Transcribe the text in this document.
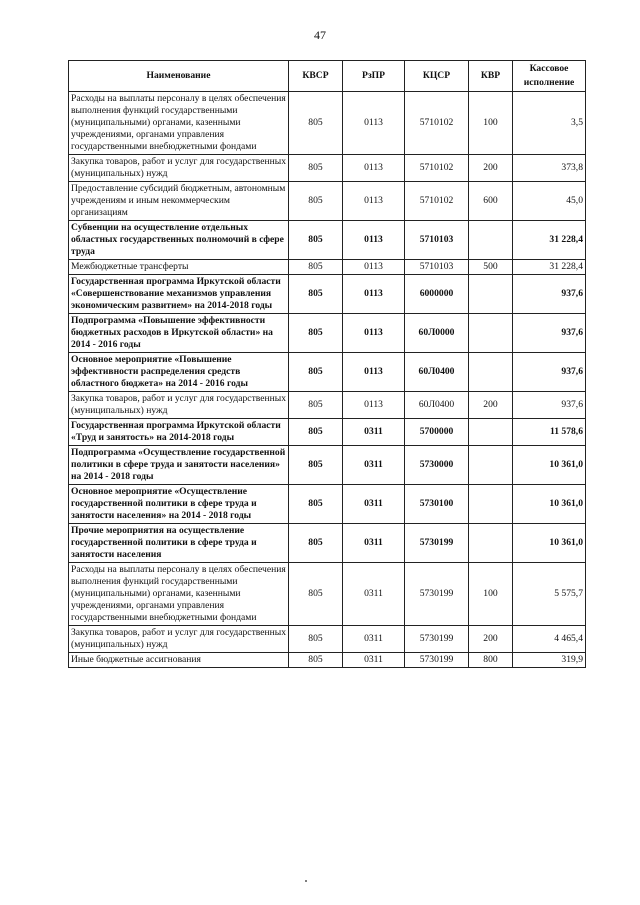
47
Наименование	КВСР	РзПР	КЦСР	КВР	Кассовое исполнение
Расходы на выплаты персоналу в целях обеспечения выполнения функций государственными (муниципальными) органами, казенными учреждениями, органами управления государственными внебюджетными фондами	805	0113	5710102	100	3,5
Закупка товаров, работ и услуг для государственных (муниципальных) нужд	805	0113	5710102	200	373,8
Предоставление субсидий бюджетным, автономным учреждениям и иным некоммерческим организациям	805	0113	5710102	600	45,0
Субвенции на осуществление отдельных областных государственных полномочий в сфере труда	805	0113	5710103		31 228,4
Межбюджетные трансферты	805	0113	5710103	500	31 228,4
Государственная программа Иркутской области «Совершенствование механизмов управления экономическим развитием» на 2014-2018 годы	805	0113	6000000		937,6
Подпрограмма «Повышение эффективности бюджетных расходов в Иркутской области» на 2014 - 2016 годы	805	0113	60Л0000		937,6
Основное мероприятие «Повышение эффективности распределения средств областного бюджета» на 2014 - 2016 годы	805	0113	60Л0400		937,6
Закупка товаров, работ и услуг для государственных (муниципальных) нужд	805	0113	60Л0400	200	937,6
Государственная программа Иркутской области «Труд и занятость» на 2014-2018 годы	805	0311	5700000		11 578,6
Подпрограмма «Осуществление государственной политики в сфере труда и занятости населения» на 2014 - 2018 годы	805	0311	5730000		10 361,0
Основное мероприятие «Осуществление государственной политики в сфере труда и занятости населения» на 2014 - 2018 годы	805	0311	5730100		10 361,0
Прочие мероприятия на осуществление государственной политики в сфере труда и занятости населения	805	0311	5730199		10 361,0
Расходы на выплаты персоналу в целях обеспечения выполнения функций государственными (муниципальными) органами, казенными учреждениями, органами управления государственными внебюджетными фондами	805	0311	5730199	100	5 575,7
Закупка товаров, работ и услуг для государственных (муниципальных) нужд	805	0311	5730199	200	4 465,4
Иные бюджетные ассигнования	805	0311	5730199	800	319,9
